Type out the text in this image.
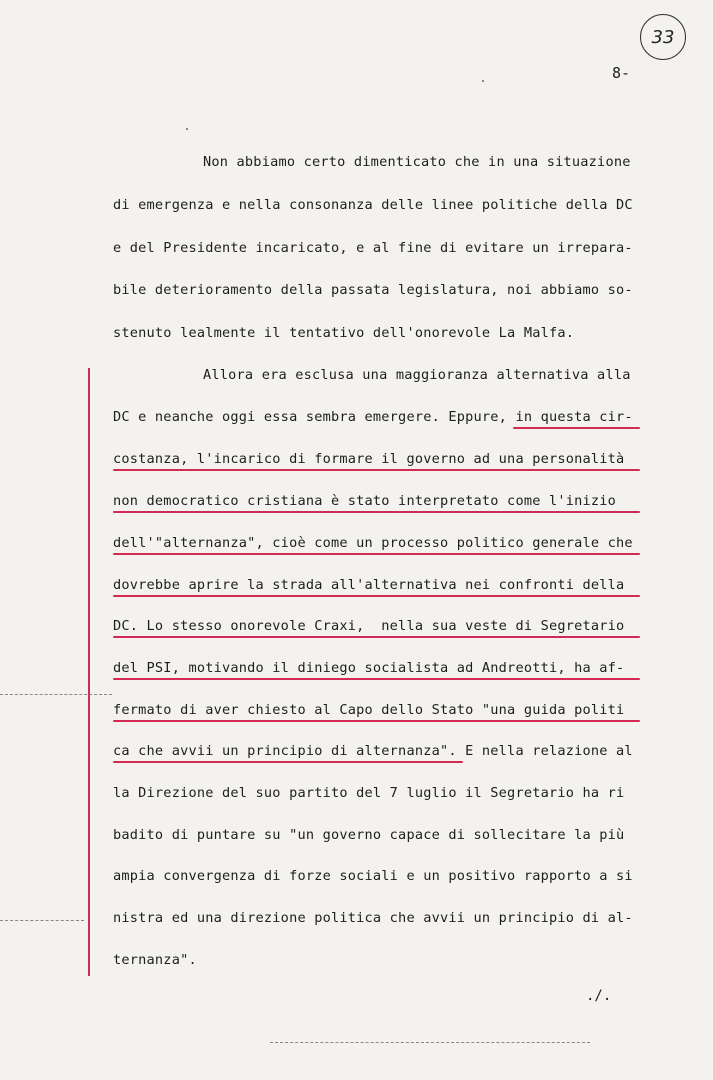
33
8-
Non abbiamo certo dimenticato che in una situazione
di emergenza e nella consonanza delle linee politiche della DC
e del Presidente incaricato, e al fine di evitare un irrepara-
bile deterioramento della passata legislatura, noi abbiamo so-
stenuto lealmente il tentativo dell'onorevole La Malfa.
Allora era esclusa una maggioranza alternativa alla
DC e neanche oggi essa sembra emergere. Eppure, in questa cir-
costanza, l'incarico di formare il governo ad una personalità
non democratico cristiana è stato interpretato come l'inizio
dell'"alternanza", cioè come un processo politico generale che
dovrebbe aprire la strada all'alternativa nei confronti della
DC. Lo stesso onorevole Craxi,  nella sua veste di Segretario
del PSI, motivando il diniego socialista ad Andreotti, ha af-
fermato di aver chiesto al Capo dello Stato "una guida politi
ca che avvii un principio di alternanza". E nella relazione al
la Direzione del suo partito del 7 luglio il Segretario ha ri
badito di puntare su "un governo capace di sollecitare la più
ampia convergenza di forze sociali e un positivo rapporto a si
nistra ed una direzione politica che avvii un principio di al-
ternanza".
./.
